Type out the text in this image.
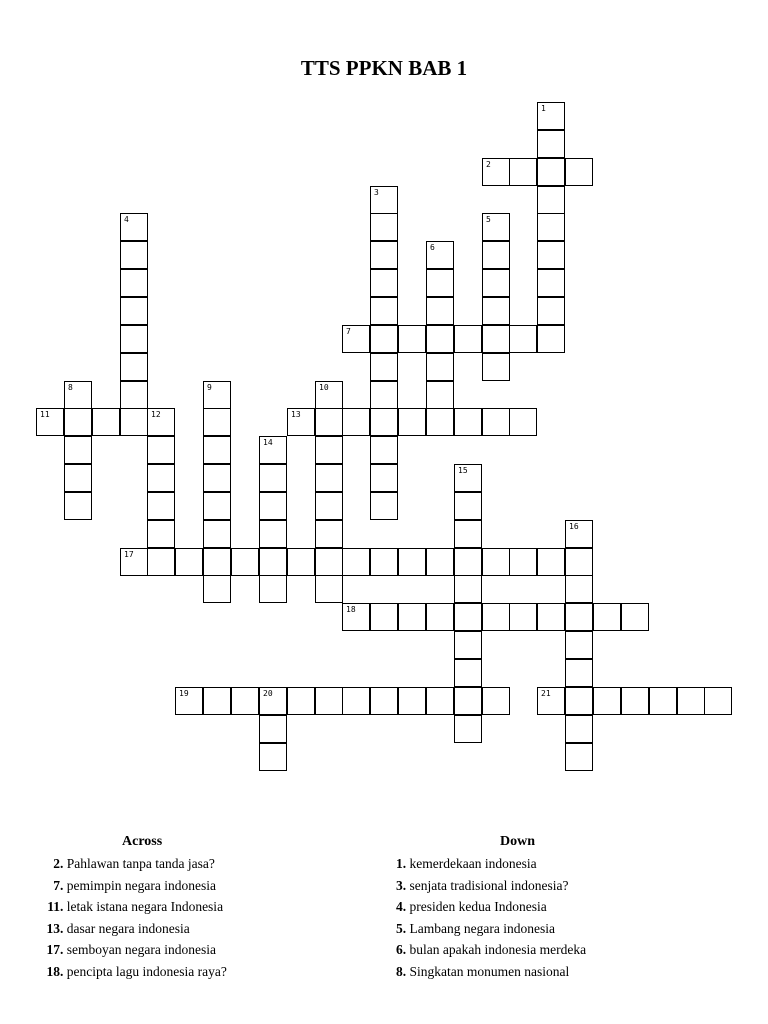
TTS PPKN BAB 1
1
2
3
4	5
6
7
8	9	10
11	12	13
14
15
16
17
18
19	20	21
Across
2. Pahlawan tanpa tanda jasa?
7. pemimpin negara indonesia
11. letak istana negara Indonesia
13. dasar negara indonesia
17. semboyan negara indonesia
18. pencipta lagu indonesia raya?
Down
1. kemerdekaan indonesia
3. senjata tradisional indonesia?
4. presiden kedua Indonesia
5. Lambang negara indonesia
6. bulan apakah indonesia merdeka
8. Singkatan monumen nasional
